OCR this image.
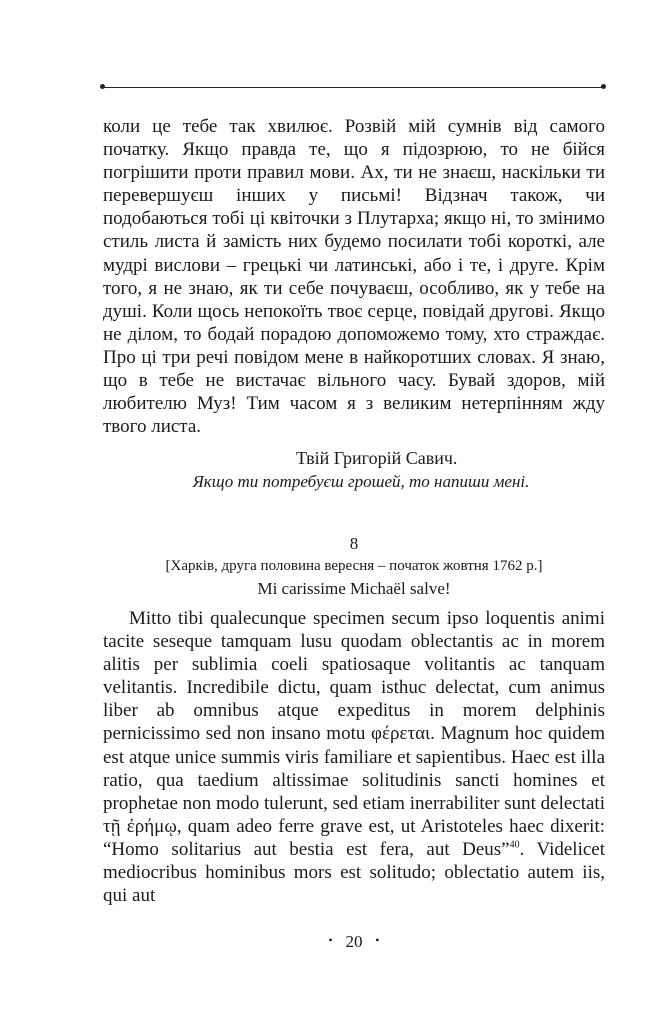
коли це тебе так хвилює. Розвій мій сумнів від самого початку. Якщо правда те, що я підозрюю, то не бійся погрішити проти правил мови. Ах, ти не знаєш, наскільки ти перевершуєш інших у письмі! Відзнач також, чи подобаються тобі ці квіточки з Плутарха; якщо ні, то змінимо стиль листа й замість них будемо посилати тобі короткі, але мудрі вислови – грецькі чи латинські, або і те, і друге. Крім того, я не знаю, як ти себе почуваєш, особливо, як у тебе на душі. Коли щось непокоїть твоє серце, повідай другові. Якщо не ділом, то бодай порадою допоможемо тому, хто страждає. Про ці три речі повідом мене в найкоротших словах. Я знаю, що в тебе не вистачає вільного часу. Бувай здоров, мій любителю Муз! Тим часом я з великим нетерпінням жду твого листа.

Твій Григорій Савич.
Якщо ти потребуєш грошей, то напиши мені.
8
[Харків, друга половина вересня – початок жовтня 1762 р.]
Mi carissime Michaël salve!

Mitto tibi qualecunque specimen secum ipso loquentis animi tacite seseque tamquam lusu quodam oblectantis ac in morem alitis per sublimia coeli spatiosaque volitantis ac tanquam velitantis. Incredibile dictu, quam isthuc delectat, cum animus liber ab omnibus atque expeditus in morem delphinis pernicissimo sed non insano motu φέρεται. Magnum hoc quidem est atque unice summis viris familiare et sapientibus. Haec est illa ratio, qua taedium altissimae solitudinis sancti homines et prophetae non modo tulerunt, sed etiam inerrabiliter sunt delectati τῇ ἐρήμῳ, quam adeo ferre grave est, ut Aristoteles haec dixerit: “Homo solitarius aut bestia est fera, aut Deus”$^{40}$. Videlicet mediocribus hominibus mors est solitudo; oblectatio autem iis, qui aut

• 20 •
